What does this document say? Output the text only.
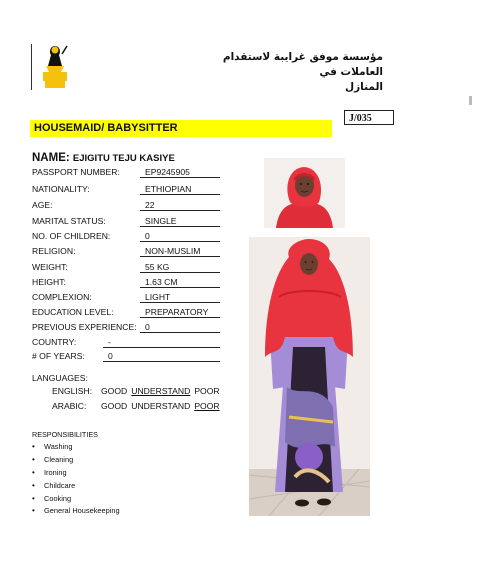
مؤسسة موفق غرايبة لاستقدام العاملات في
المنازل
J/035
HOUSEMAID/ BABYSITTER
NAME: EJIGITU TEJU KASIYE
PASSPORT NUMBER:	EP9245905
NATIONALITY:	ETHIOPIAN
AGE:	22
MARITAL STATUS:	SINGLE
NO. OF CHILDREN:	0
RELIGION:	NON-MUSLIM
WEIGHT:	55 KG
HEIGHT:	1.63 CM
COMPLEXION:	LIGHT
EDUCATION LEVEL:	PREPARATORY
PREVIOUS EXPERIENCE: 0
COUNTRY:	-
# OF YEARS:	0
LANGUAGES:
ENGLISH: GOOD UNDERSTAND POOR
ARABIC: GOOD UNDERSTAND POOR
RESPONSIBILITIES
• Washing
• Cleaning
• Ironing
• Childcare
• Cooking
• General Housekeeping
